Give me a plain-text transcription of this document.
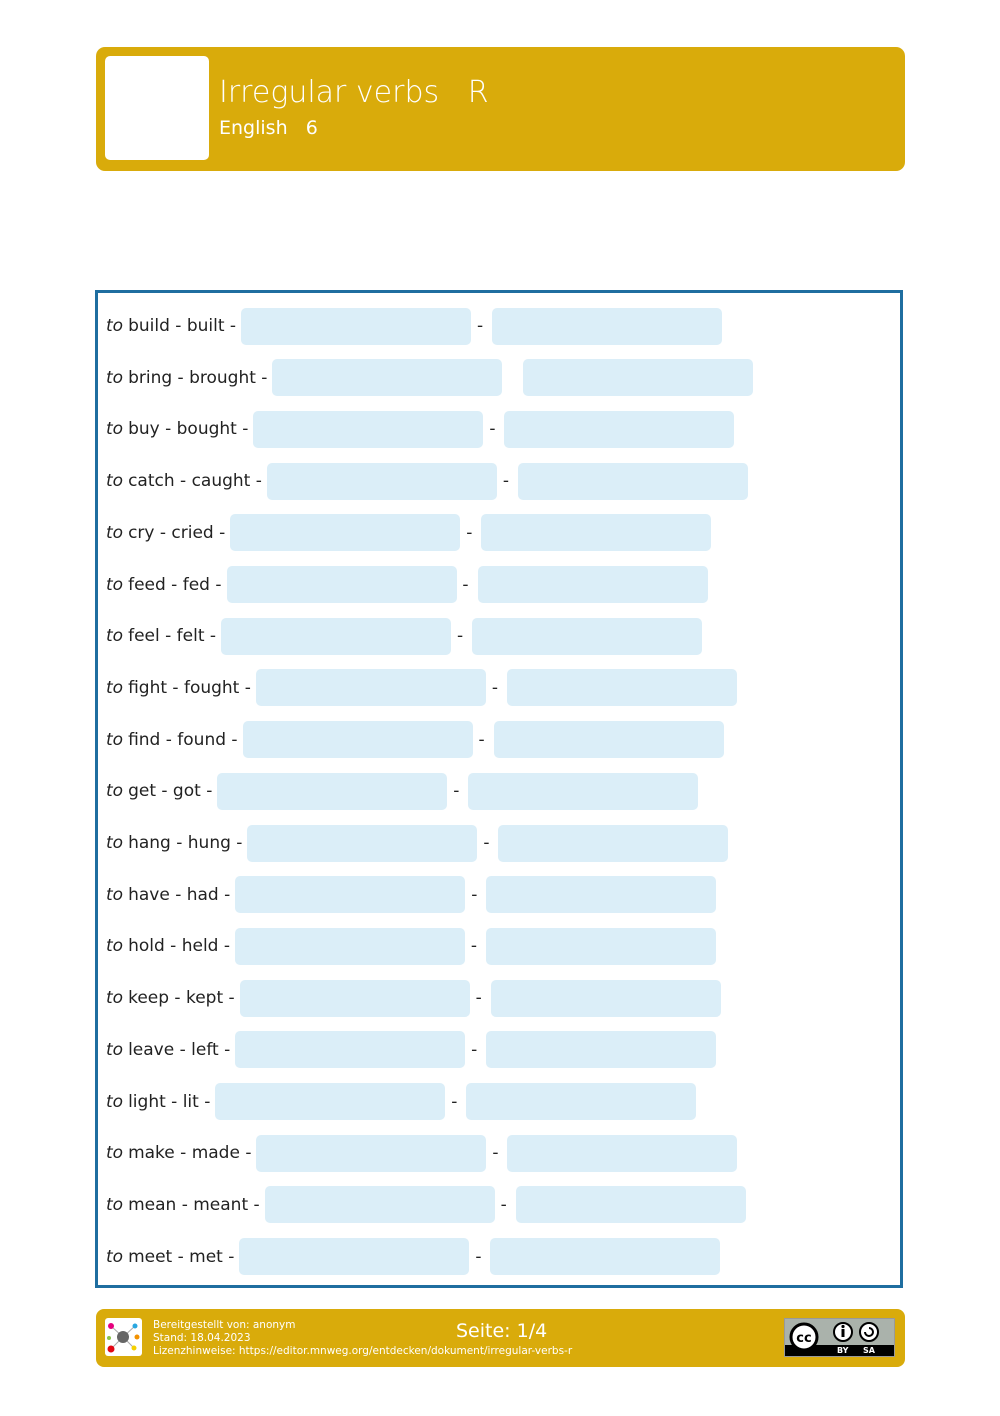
Irregular verbs   R
English   6
to build - built -	-
to bring - brought -
to buy - bought -	-
to catch - caught -	-
to cry - cried -	-
to feed - fed -	-
to feel - felt -	-
to fight - fought -	-
to find - found -	-
to get - got -	-
to hang - hung -	-
to have - had -	-
to hold - held -	-
to keep - kept -	-
to leave - left -	-
to light - lit -	-
to make - made -	-
to mean - meant -	-
to meet - met -	-
Bereitgestellt von: anonym
Stand: 18.04.2023
Lizenzhinweise: https://editor.mnweg.org/entdecken/dokument/irregular-verbs-r
Seite: 1/4	cc
BY SA
